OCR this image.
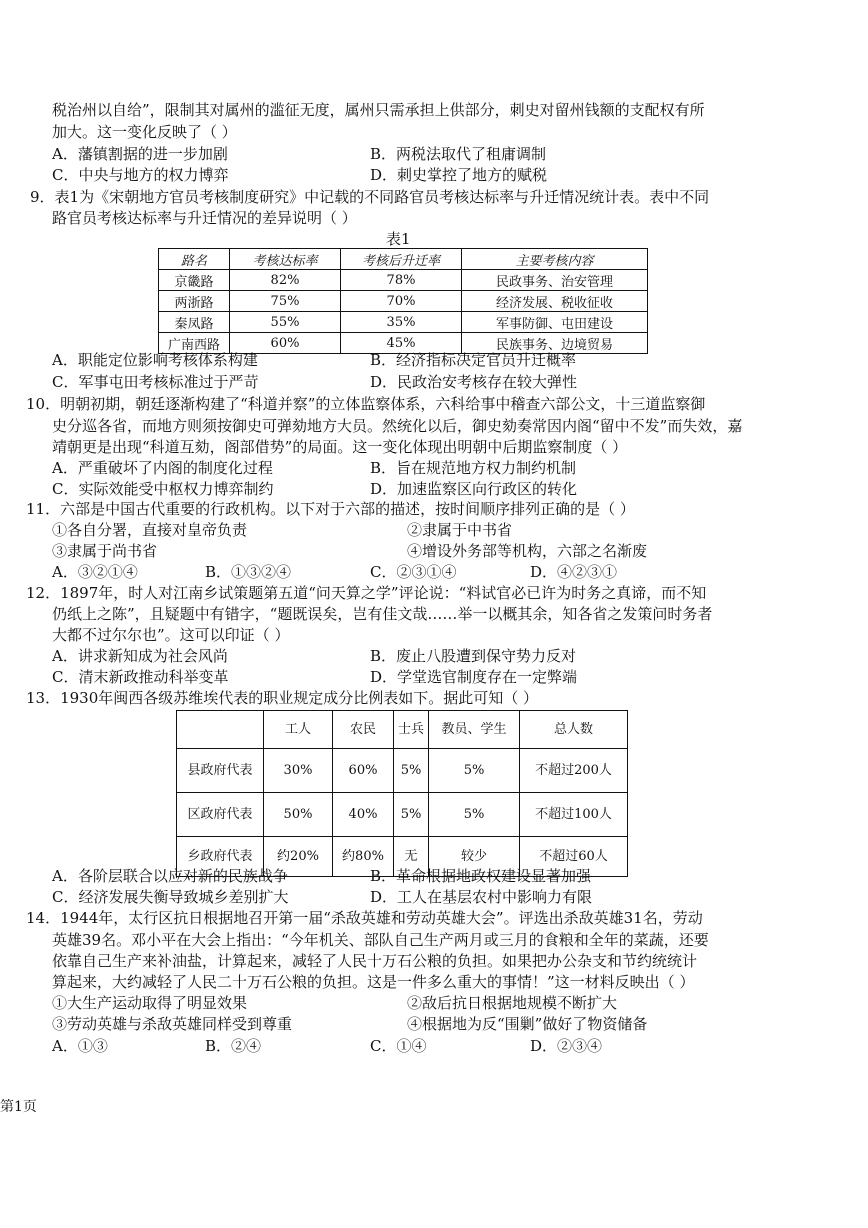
税治州以自给”，限制其对属州的滥征无度，属州只需承担上供部分，刺史对留州钱额的支配权有所
加大。这一变化反映了（ ）
A．藩镇割据的进一步加剧	B．两税法取代了租庸调制
C．中央与地方的权力博弈	D．刺史掌控了地方的赋税
9．表1为《宋朝地方官员考核制度研究》中记载的不同路官员考核达标率与升迁情况统计表。表中不同
路官员考核达标率与升迁情况的差异说明（ ）
表1
路名	考核达标率	考核后升迁率	主要考核内容
京畿路	82%	78%	民政事务、治安管理
两浙路	75%	70%	经济发展、税收征收
秦凤路	55%	35%	军事防御、屯田建设
广南西路	60%	45%	民族事务、边境贸易
A．职能定位影响考核体系构建	B．经济指标决定官员升迁概率
C．军事屯田考核标准过于严苛	D．民政治安考核存在较大弹性
10．明朝初期，朝廷逐渐构建了“科道并察”的立体监察体系，六科给事中稽查六部公文，十三道监察御
史分巡各省，而地方则须按御史可弹劾地方大员。然统化以后，御史劾奏常因内阁“留中不发”而失效，嘉
靖朝更是出现“科道互劾，阁部借势”的局面。这一变化体现出明朝中后期监察制度（ ）
A．严重破坏了内阁的制度化过程	B．旨在规范地方权力制约机制
C．实际效能受中枢权力博弈制约	D．加速监察区向行政区的转化
11．六部是中国古代重要的行政机构。以下对于六部的描述，按时间顺序排列正确的是（ ）
①各自分署，直接对皇帝负责	②隶属于中书省
③隶属于尚书省	④增设外务部等机构，六部之名渐废
A．③②①④	B．①③②④	C．②③①④	D．④②③①
12．1897年，时人对江南乡试策题第五道“问天算之学”评论说：“料试官必已许为时务之真谛，而不知
仍纸上之陈”，且疑题中有错字，“题既误矣，岂有佳文哉……举一以概其余，知各省之发策问时务者
大都不过尔尔也”。这可以印证（ ）
A．讲求新知成为社会风尚	B．废止八股遭到保守势力反对
C．清末新政推动科举变革	D．学堂选官制度存在一定弊端
13．1930年闽西各级苏维埃代表的职业规定成分比例表如下。据此可知（ ）
	工人	农民	士兵	教员、学生	总人数
县政府代表	30%	60%	5%	5%	不超过200人
区政府代表	50%	40%	5%	5%	不超过100人
乡政府代表	约20%	约80%	无	较少	不超过60人
A．各阶层联合以应对新的民族战争	B．革命根据地政权建设显著加强
C．经济发展失衡导致城乡差别扩大	D．工人在基层农村中影响力有限
14．1944年，太行区抗日根据地召开第一届“杀敌英雄和劳动英雄大会”。评选出杀敌英雄31名，劳动
英雄39名。邓小平在大会上指出：“今年机关、部队自己生产两月或三月的食粮和全年的菜蔬，还要
依靠自己生产来补油盐，计算起来，减轻了人民十万石公粮的负担。如果把办公杂支和节约统统计
算起来，大约减轻了人民二十万石公粮的负担。这是一件多么重大的事情！”这一材料反映出（ ）
①大生产运动取得了明显效果	②敌后抗日根据地规模不断扩大
③劳动英雄与杀敌英雄同样受到尊重	④根据地为反“围剿”做好了物资储备
A．①③	B．②④	C．①④	D．②③④
第1页
